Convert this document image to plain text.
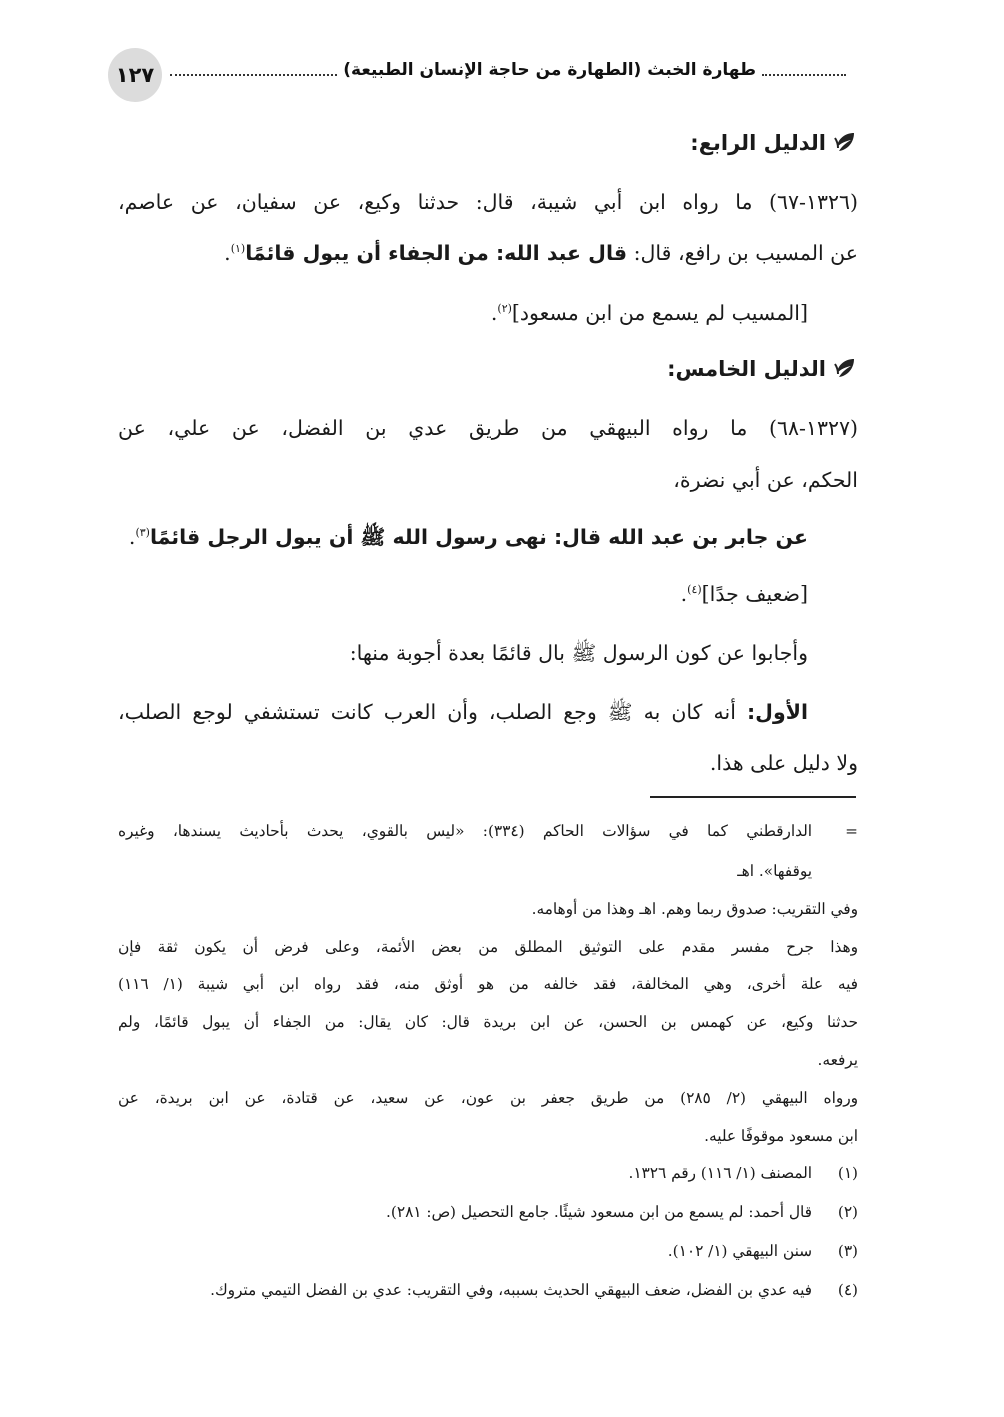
١٢٧	طهارة الخبث (الطهارة من حاجة الإنسان الطبيعة)
الدليل الرابع:
(١٣٢٦-٦٧) ما رواه ابن أبي شيبة، قال: حدثنا وكيع، عن سفيان، عن عاصم،
عن المسيب بن رافع، قال: قال عبد الله: من الجفاء أن يبول قائمًا$^{(١)}$.
[المسيب لم يسمع من ابن مسعود]$^{(٢)}$.
الدليل الخامس:
(١٣٢٧-٦٨) ما رواه البيهقي من طريق عدي بن الفضل، عن علي، عن
الحكم، عن أبي نضرة،
عن جابر بن عبد الله قال: نهى رسول الله ﷺ أن يبول الرجل قائمًا$^{(٣)}$.
[ضعيف جدًا]$^{(٤)}$.
وأجابوا عن كون الرسول ﷺ بال قائمًا بعدة أجوبة منها:
الأول: أنه كان به ﷺ وجع الصلب، وأن العرب كانت تستشفي لوجع الصلب،
ولا دليل على هذا.
=
الدارقطني كما في سؤالات الحاكم (٣٣٤): «ليس بالقوي، يحدث بأحاديث يسندها، وغيره
يوقفها». اهـ
وفي التقريب: صدوق ربما وهم. اهـ وهذا من أوهامه.
وهذا جرح مفسر مقدم على التوثيق المطلق من بعض الأئمة، وعلى فرض أن يكون ثقة فإن
فيه علة أخرى، وهي المخالفة، فقد خالفه من هو أوثق منه، فقد رواه ابن أبي شيبة (١/ ١١٦)
حدثنا وكيع، عن كهمس بن الحسن، عن ابن بريدة قال: كان يقال: من الجفاء أن يبول قائمًا، ولم
يرفعه.
ورواه البيهقي (٢/ ٢٨٥) من طريق جعفر بن عون، عن سعيد، عن قتادة، عن ابن بريدة، عن
ابن مسعود موقوفًا عليه.
(١)
المصنف (١/ ١١٦) رقم ١٣٢٦.
(٢)
قال أحمد: لم يسمع من ابن مسعود شيئًا. جامع التحصيل (ص: ٢٨١).
(٣)
سنن البيهقي (١/ ١٠٢).
(٤)
فيه عدي بن الفضل، ضعف البيهقي الحديث بسببه، وفي التقريب: عدي بن الفضل التيمي متروك.
